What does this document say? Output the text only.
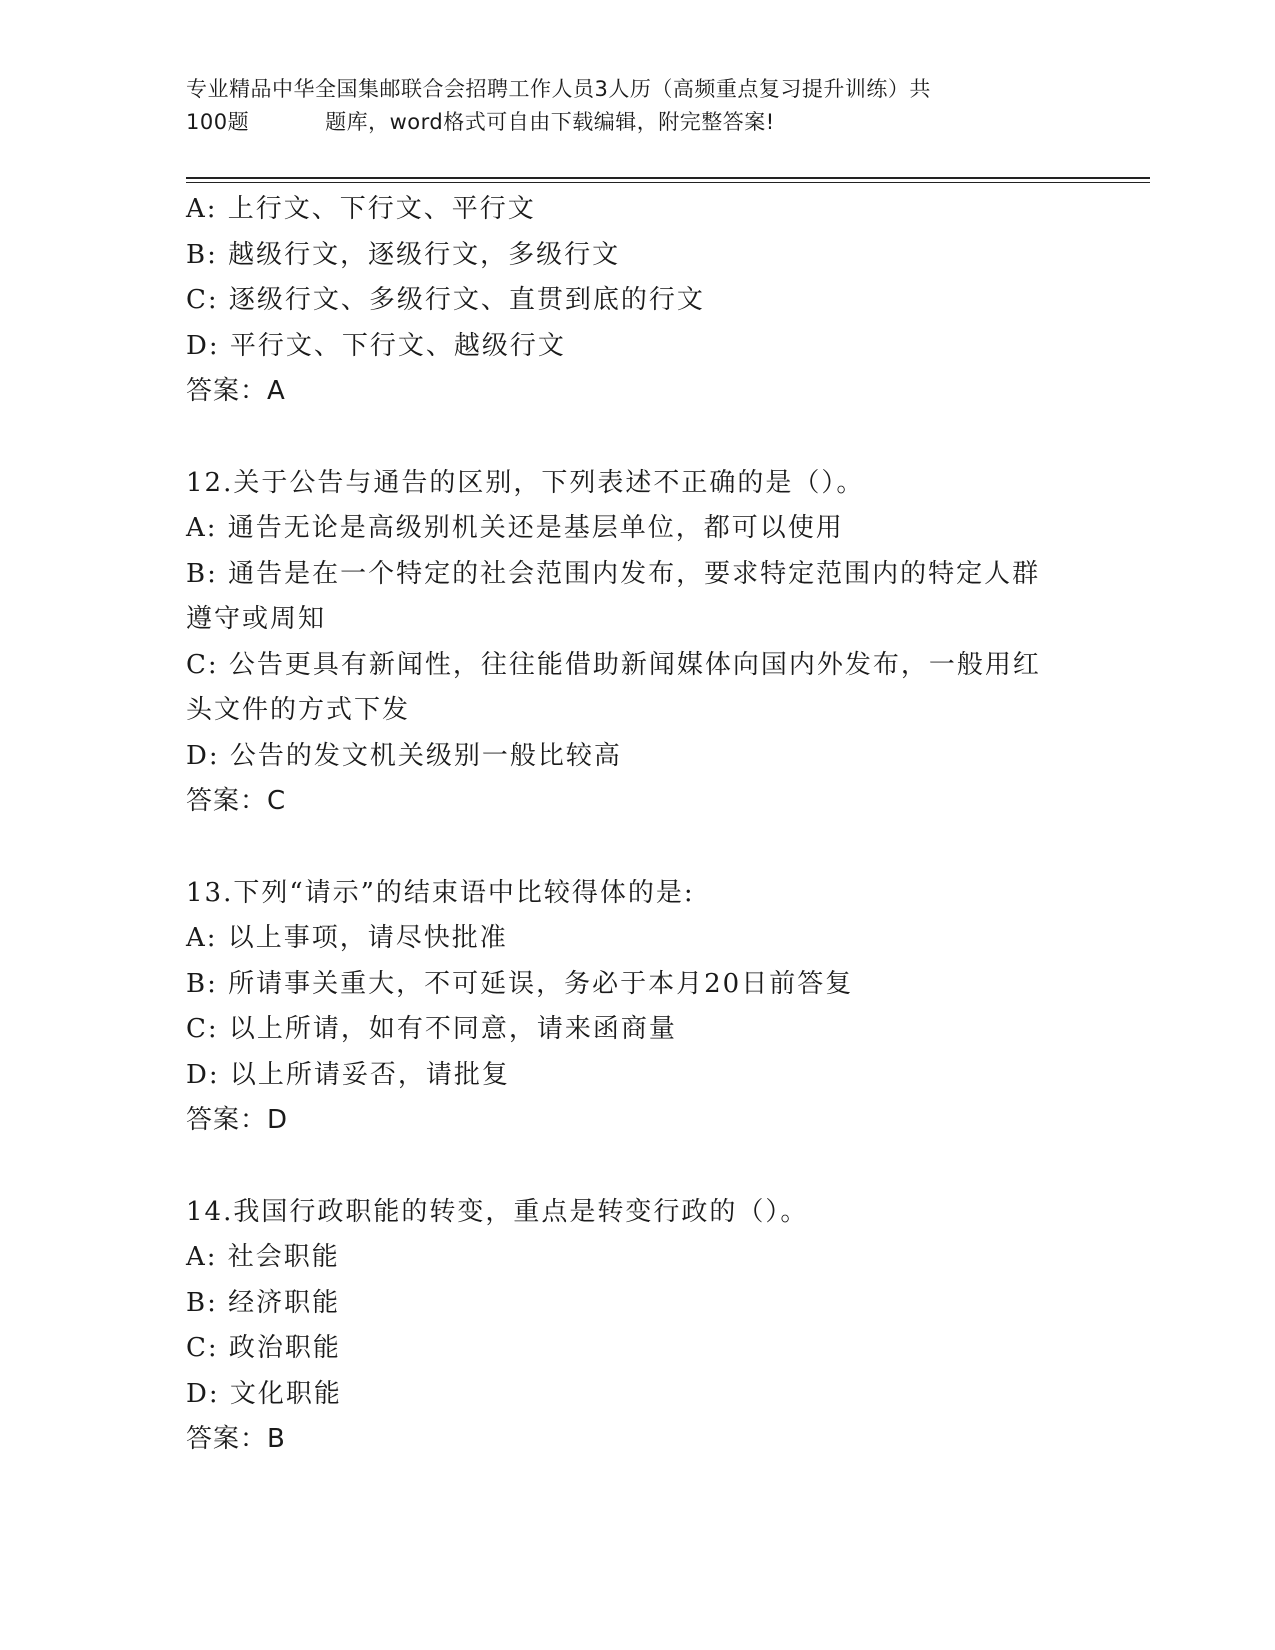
专业精品中华全国集邮联合会招聘工作人员3人历（高频重点复习提升训练）共
100题	题库，word格式可自由下载编辑，附完整答案!
A: 上行文、下行文、平行文
B: 越级行文，逐级行文，多级行文
C: 逐级行文、多级行文、直贯到底的行文
D: 平行文、下行文、越级行文
答案：A
12.关于公告与通告的区别，下列表述不正确的是（）。
A: 通告无论是高级别机关还是基层单位，都可以使用
B: 通告是在一个特定的社会范围内发布，要求特定范围内的特定人群遵守或周知
C: 公告更具有新闻性，往往能借助新闻媒体向国内外发布，一般用红头文件的方式下发
D: 公告的发文机关级别一般比较高
答案：C
13.下列“请示”的结束语中比较得体的是:
A: 以上事项，请尽快批准
B: 所请事关重大，不可延误，务必于本月20日前答复
C: 以上所请，如有不同意，请来函商量
D: 以上所请妥否，请批复
答案：D
14.我国行政职能的转变，重点是转变行政的（）。
A: 社会职能
B: 经济职能
C: 政治职能
D: 文化职能
答案：B
